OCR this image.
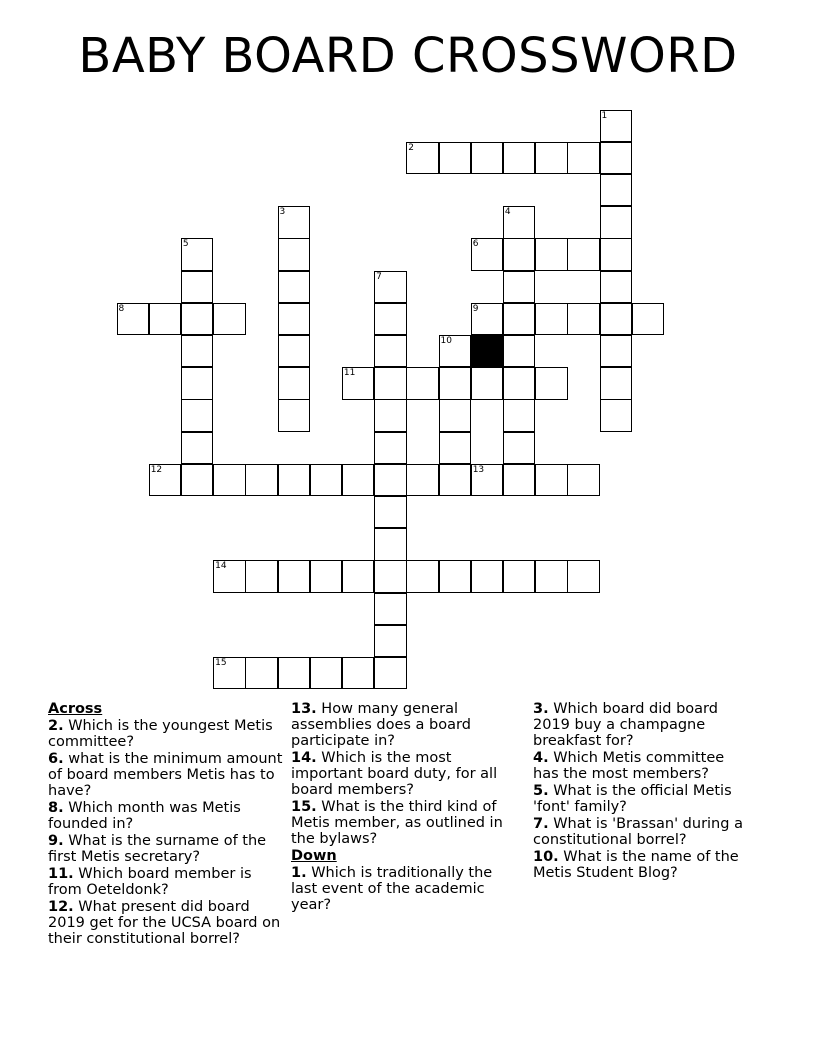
BABY BOARD CROSSWORD
1
2
3	4
5	6
7
8	9
10
11
12	13
14
15
Across
2. Which is the youngest Metis committee?
6. what is the minimum amount of board members Metis has to have?
8. Which month was Metis founded in?
9. What is the surname of the first Metis secretary?
11. Which board member is from Oeteldonk?
12. What present did board 2019 get for the UCSA board on their constitutional borrel?
13. How many general assemblies does a board participate in?
14. Which is the most important board duty, for all board members?
15. What is the third kind of Metis member, as outlined in the bylaws?
Down
1. Which is traditionally the last event of the academic year?
3. Which board did board 2019 buy a champagne breakfast for?
4. Which Metis committee has the most members?
5. What is the official Metis 'font' family?
7. What is 'Brassan' during a constitutional borrel?
10. What is the name of the Metis Student Blog?
